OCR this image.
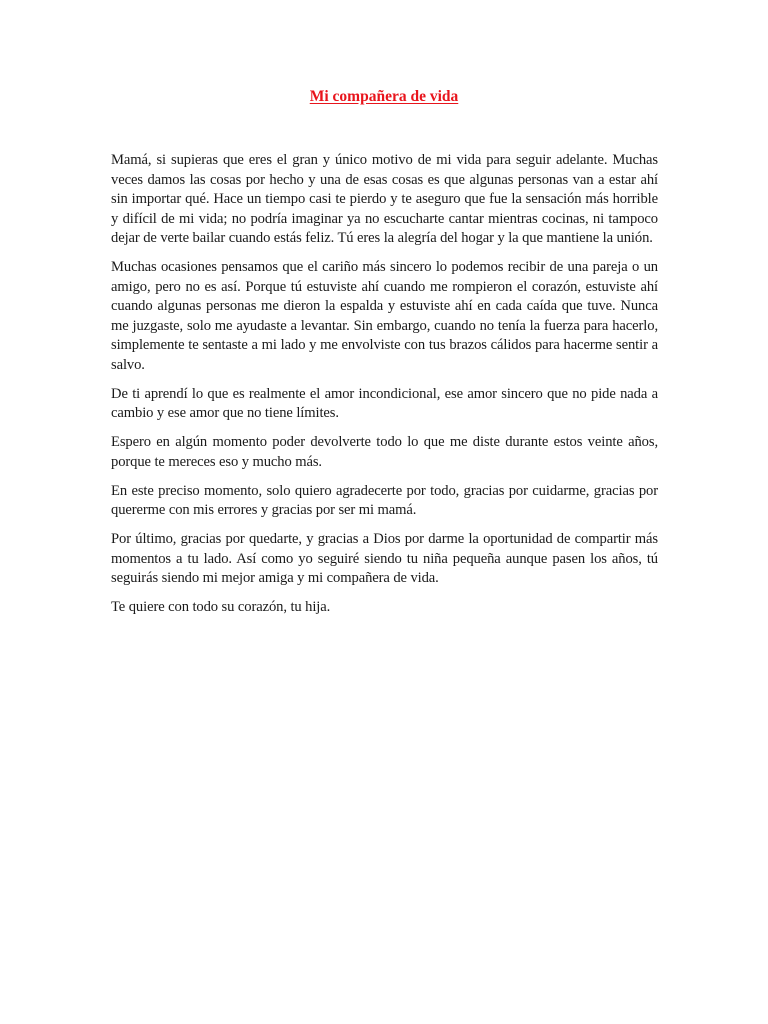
Mi compañera de vida

Mamá, si supieras que eres el gran y único motivo de mi vida para seguir adelante. Muchas veces damos las cosas por hecho y una de esas cosas es que algunas personas van a estar ahí sin importar qué. Hace un tiempo casi te pierdo y te aseguro que fue la sensación más horrible y difícil de mi vida; no podría imaginar ya no escucharte cantar mientras cocinas, ni tampoco dejar de verte bailar cuando estás feliz. Tú eres la alegría del hogar y la que mantiene la unión.

Muchas ocasiones pensamos que el cariño más sincero lo podemos recibir de una pareja o un amigo, pero no es así. Porque tú estuviste ahí cuando me rompieron el corazón, estuviste ahí cuando algunas personas me dieron la espalda y estuviste ahí en cada caída que tuve. Nunca me juzgaste, solo me ayudaste a levantar. Sin embargo, cuando no tenía la fuerza para hacerlo, simplemente te sentaste a mi lado y me envolviste con tus brazos cálidos para hacerme sentir a salvo.

De ti aprendí lo que es realmente el amor incondicional, ese amor sincero que no pide nada a cambio y ese amor que no tiene límites.

Espero en algún momento poder devolverte todo lo que me diste durante estos veinte años, porque te mereces eso y mucho más.

En este preciso momento, solo quiero agradecerte por todo, gracias por cuidarme, gracias por quererme con mis errores y gracias por ser mi mamá.

Por último, gracias por quedarte, y gracias a Dios por darme la oportunidad de compartir más momentos a tu lado. Así como yo seguiré siendo tu niña pequeña aunque pasen los años, tú seguirás siendo mi mejor amiga y mi compañera de vida.

Te quiere con todo su corazón, tu hija.
